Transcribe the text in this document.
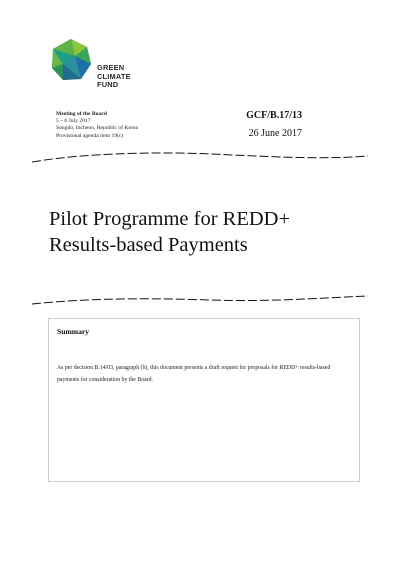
GREEN
CLIMATE
FUND
Meeting of the Board
5 – 6 July 2017
Songdo, Incheon, Republic of Korea
Provisional agenda item 19(c)
GCF/B.17/13
26 June 2017
Pilot Programme for REDD+
Results-based Payments
Summary
As per decision B.14/03, paragraph (b), this document presents a draft request for proposals for REDD+ results-based payments for consideration by the Board.
